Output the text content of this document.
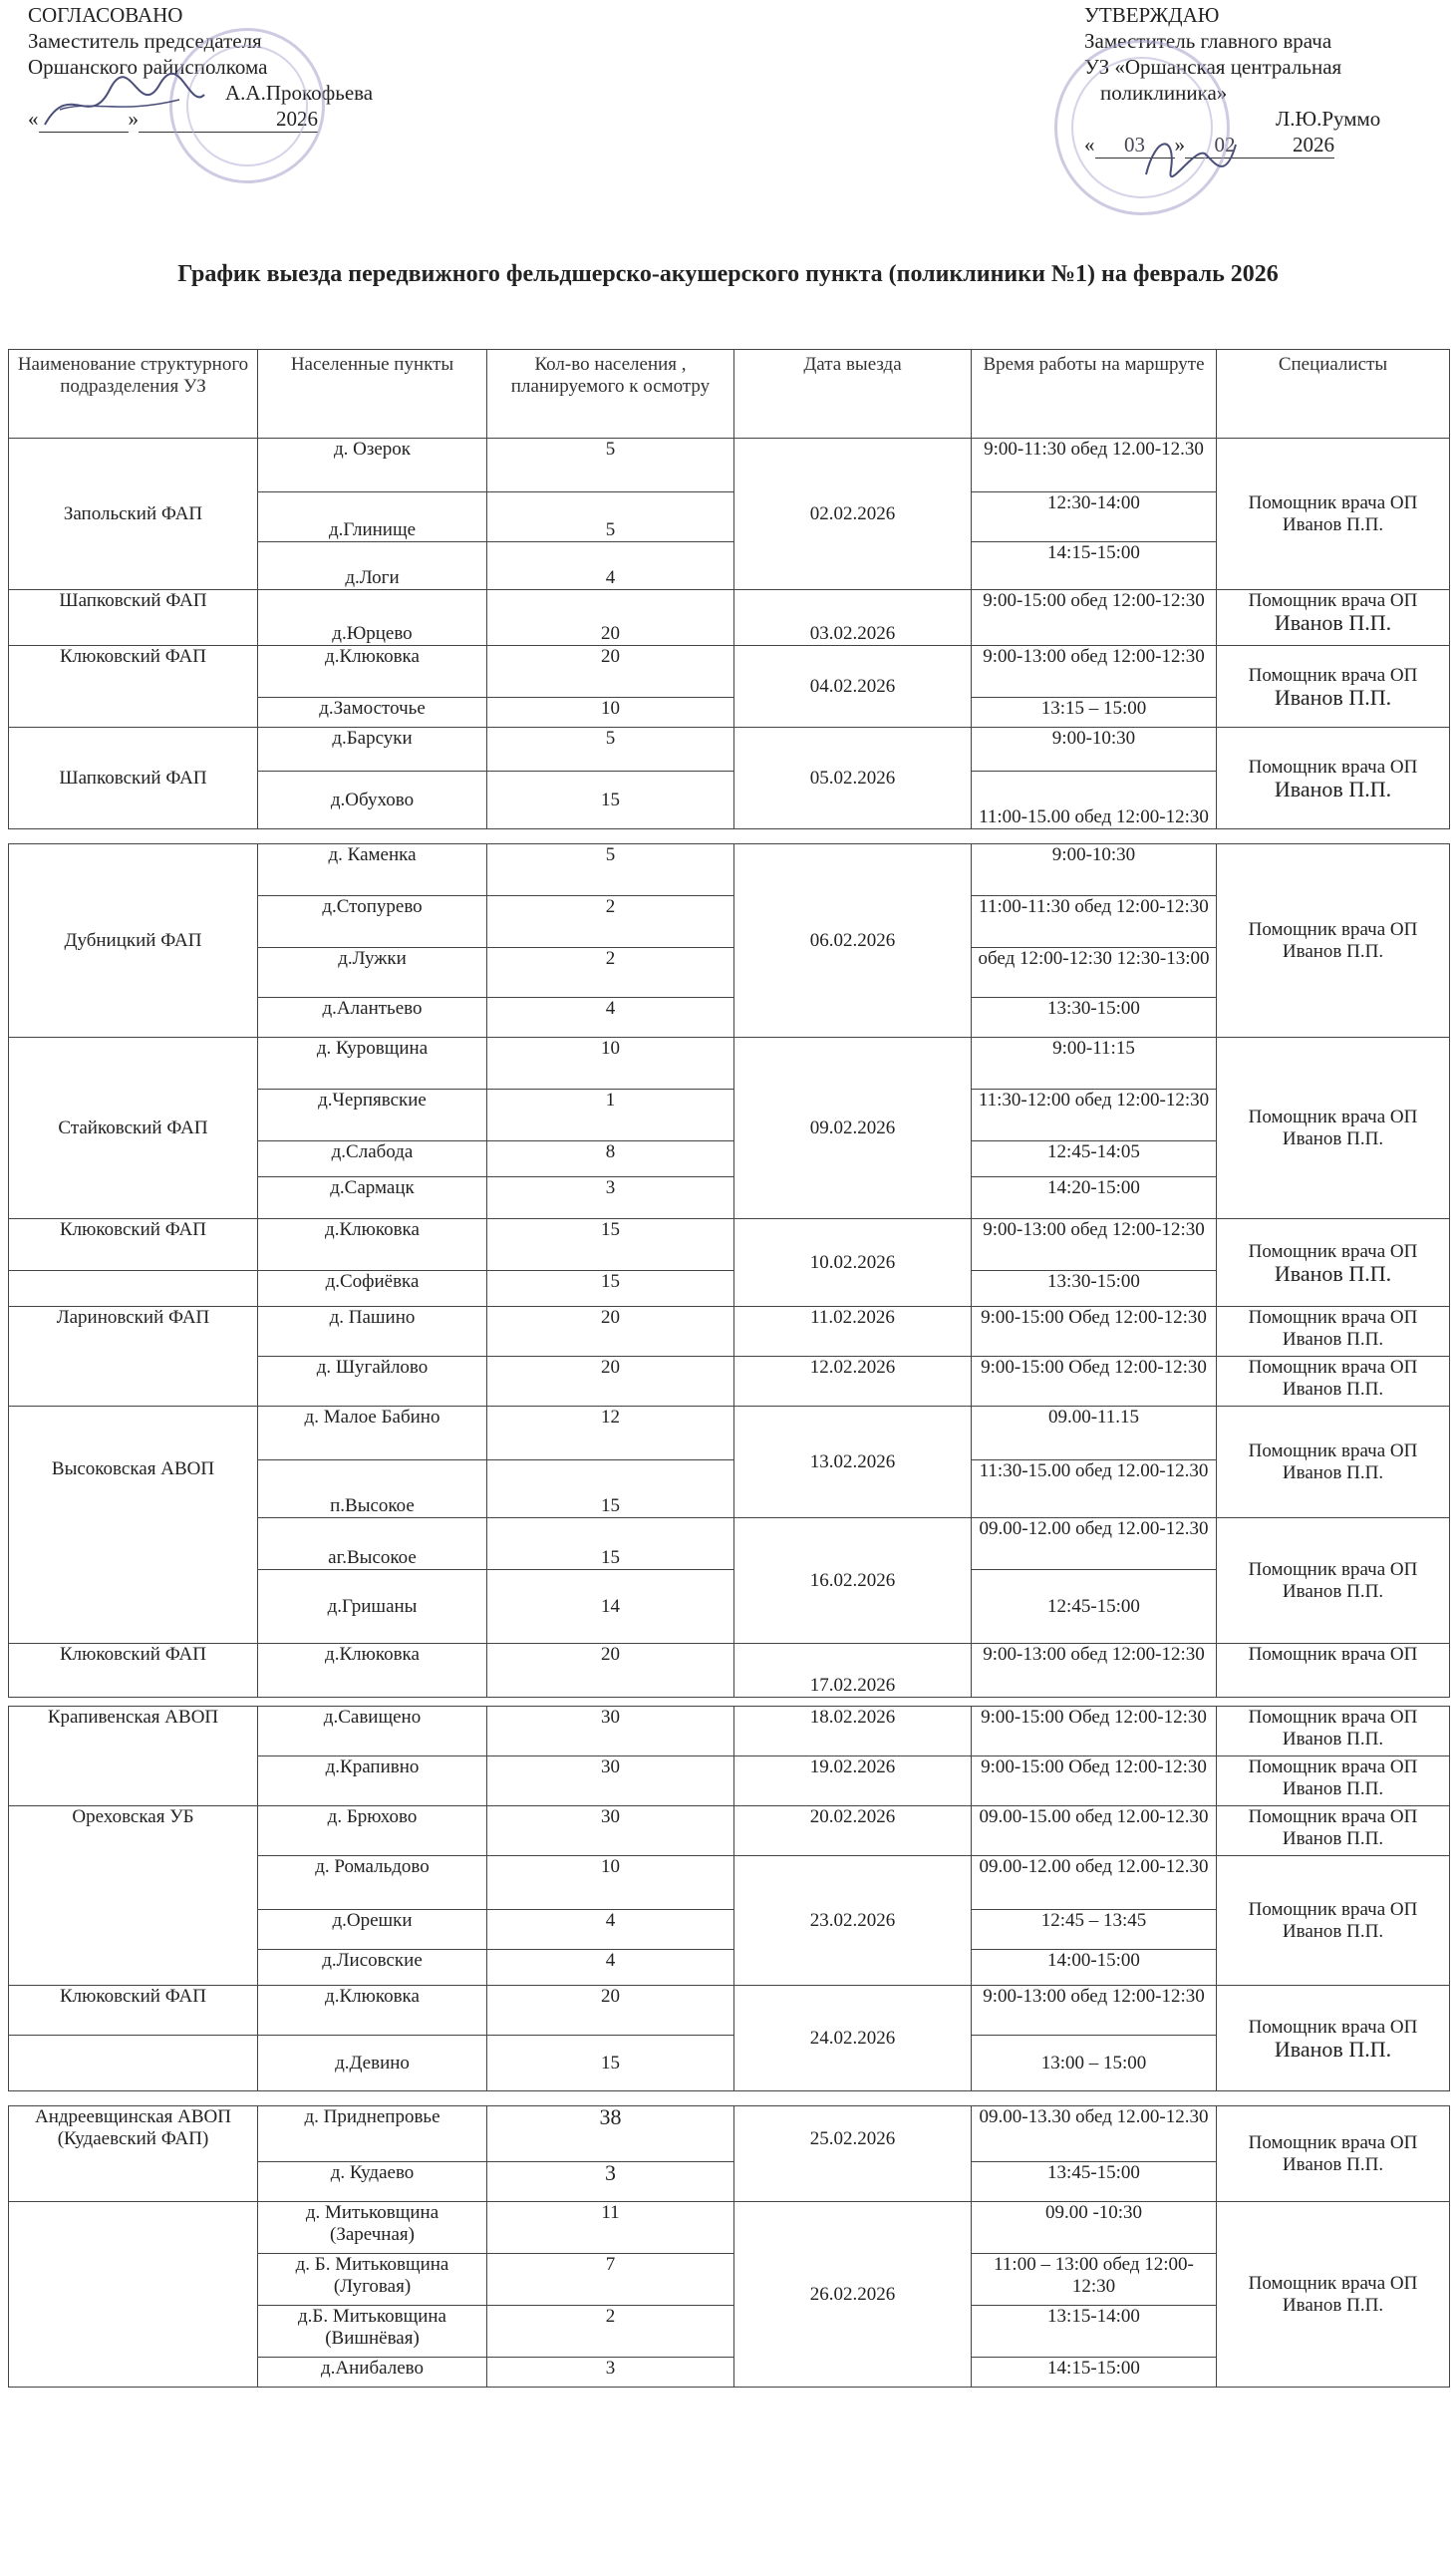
СОГЛАСОВАНО
Заместитель председателя
Оршанского райисполкома
А.А.Прокофьева
«	»	2026
УТВЕРЖДАЮ
Заместитель главного врача
УЗ «Оршанская центральная
поликлиника»
Л.Ю.Руммо
« 03 » 02	2026
График выезда передвижного фельдшерско-акушерского пункта (поликлиники №1) на февраль 2026
Наименование структурного подразделения УЗ	Населенные пункты	Кол-во населения , планируемого к осмотру	Дата выезда	Время работы на маршруте	Специалисты
Запольский ФАП	д. Озерок	5	02.02.2026	9:00-11:30 обед 12.00-12.30	Помощник врача ОП Иванов П.П.
	д.Глинище	5		12:30-14:00	
	д.Логи	4		14:15-15:00	
Шапковский ФАП	д.Юрцево	20	03.02.2026	9:00-15:00 обед 12:00-12:30	Помощник врача ОП
Иванов П.П.

Клюковский ФАП	д.Клюковка	20	04.02.2026	9:00-13:00 обед 12:00-12:30	Помощник врача ОП
Иванов П.П.

	д.Замосточье	10		13:15 – 15:00	
Шапковский ФАП	д.Барсуки	5	05.02.2026	9:00-10:30	Помощник врача ОП
Иванов П.П.

	д.Обухово	15		11:00-15.00 обед 12:00-12:30	

Дубницкий ФАП	д. Каменка	5	06.02.2026	9:00-10:30	Помощник врача ОП Иванов П.П.
	д.Стопурево	2		11:00-11:30 обед 12:00-12:30	
	д.Лужки	2		обед 12:00-12:30 12:30-13:00	
	д.Алантьево	4		13:30-15:00	
Стайковский ФАП	д. Куровщина	10	09.02.2026	9:00-11:15	Помощник врача ОП Иванов П.П.
	д.Черпявские	1		11:30-12:00 обед 12:00-12:30	
	д.Слабода	8		12:45-14:05	
	д.Сармацк	3		14:20-15:00	
Клюковский ФАП	д.Клюковка	15	10.02.2026	9:00-13:00 обед 12:00-12:30	Помощник врача ОП
Иванов П.П.

	д.Софиёвка	15		13:30-15:00	
Лариновский ФАП	д. Пашино	20	11.02.2026	9:00-15:00 Обед 12:00-12:30	Помощник врача ОП Иванов П.П.
	д. Шугайлово	20	12.02.2026	9:00-15:00 Обед 12:00-12:30	Помощник врача ОП Иванов П.П.
Высоковская АВОП	д. Малое Бабино	12	13.02.2026	09.00-11.15	Помощник врача ОП Иванов П.П.
	п.Высокое	15		11:30-15.00 обед 12.00-12.30	
	аг.Высокое	15	16.02.2026	09.00-12.00 обед 12.00-12.30	Помощник врача ОП Иванов П.П.
	д.Гришаны	14		12:45-15:00	
Клюковский ФАП	д.Клюковка	20	17.02.2026	9:00-13:00 обед 12:00-12:30	Помощник врача ОП

Крапивенская АВОП	д.Савищено	30	18.02.2026	9:00-15:00 Обед 12:00-12:30	Помощник врача ОП Иванов П.П.
	д.Крапивно	30	19.02.2026	9:00-15:00 Обед 12:00-12:30	Помощник врача ОП Иванов П.П.
Ореховская УБ	д. Брюхово	30	20.02.2026	09.00-15.00 обед 12.00-12.30	Помощник врача ОП Иванов П.П.
	д. Ромальдово	10	23.02.2026	09.00-12.00 обед 12.00-12.30	Помощник врача ОП Иванов П.П.
	д.Орешки	4		12:45 – 13:45	
	д.Лисовские	4		14:00-15:00	
Клюковский ФАП	д.Клюковка	20	24.02.2026	9:00-13:00 обед 12:00-12:30	Помощник врача ОП
Иванов П.П.

	д.Девино	15		13:00 – 15:00	

Андреевщинская АВОП (Кудаевский ФАП)	д. Приднепровье	38	25.02.2026	09.00-13.30 обед 12.00-12.30	Помощник врача ОП Иванов П.П.
	д. Кудаево	3		13:45-15:00	
	д. Митьковщина (Заречная)	11	26.02.2026	09.00 -10:30	Помощник врача ОП Иванов П.П.
	д. Б. Митьковщина (Луговая)	7		11:00 – 13:00 обед 12:00-12:30	
	д.Б. Митьковщина (Вишнёвая)	2		13:15-14:00	
	д.Анибалево	3		14:15-15:00	
